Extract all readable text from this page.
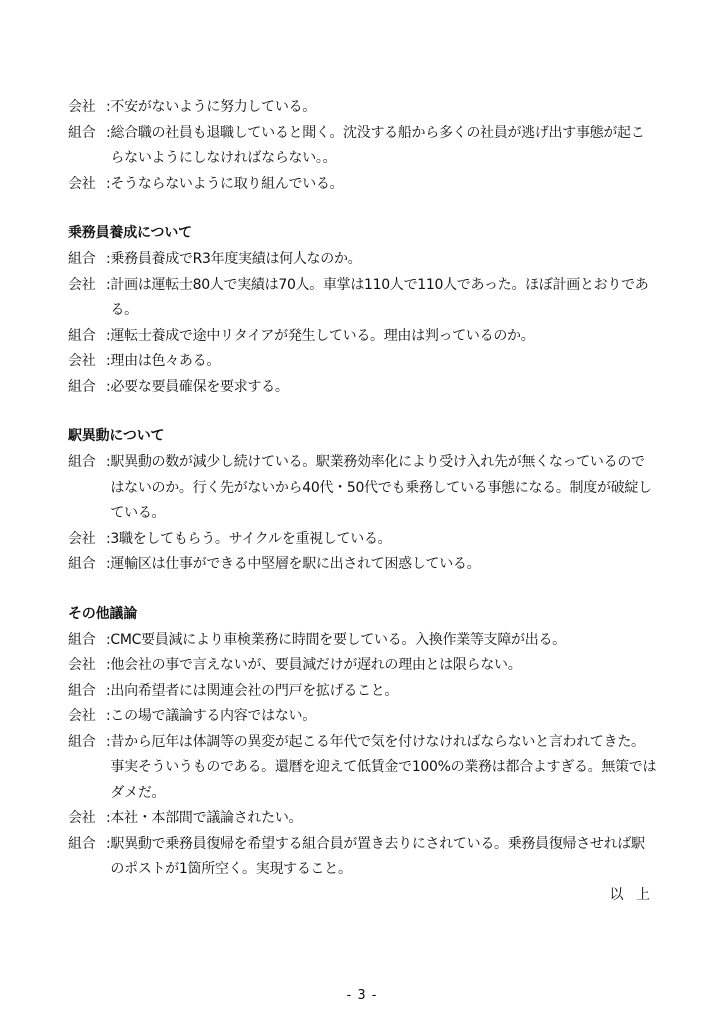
会社 : 不安がないように努力している。
組合 : 総合職の社員も退職していると聞く。沈没する船から多くの社員が逃げ出す事態が起こらないようにしなければならない。。
会社 : そうならないように取り組んでいる。
乗務員養成について
組合 : 乗務員養成でR3年度実績は何人なのか。
会社 : 計画は運転士80人で実績は70人。車掌は110人で110人であった。ほぼ計画とおりである。
組合 : 運転士養成で途中リタイアが発生している。理由は判っているのか。
会社 : 理由は色々ある。
組合 : 必要な要員確保を要求する。
駅異動について
組合 : 駅異動の数が減少し続けている。駅業務効率化により受け入れ先が無くなっているのではないのか。行く先がないから40代・50代でも乗務している事態になる。制度が破綻している。
会社 : 3職をしてもらう。サイクルを重視している。
組合 : 運輸区は仕事ができる中堅層を駅に出されて困惑している。
その他議論
組合 : CMC要員減により車検業務に時間を要している。入換作業等支障が出る。
会社 : 他会社の事で言えないが、要員減だけが遅れの理由とは限らない。
組合 : 出向希望者には関連会社の門戸を拡げること。
会社 : この場で議論する内容ではない。
組合 : 昔から厄年は体調等の異変が起こる年代で気を付けなければならないと言われてきた。事実そういうものである。還暦を迎えて低賃金で100%の業務は都合よすぎる。無策ではダメだ。
会社 : 本社・本部間で議論されたい。
組合 : 駅異動で乗務員復帰を希望する組合員が置き去りにされている。乗務員復帰させれば駅のポストが1箇所空く。実現すること。
以 上
- 3 -
